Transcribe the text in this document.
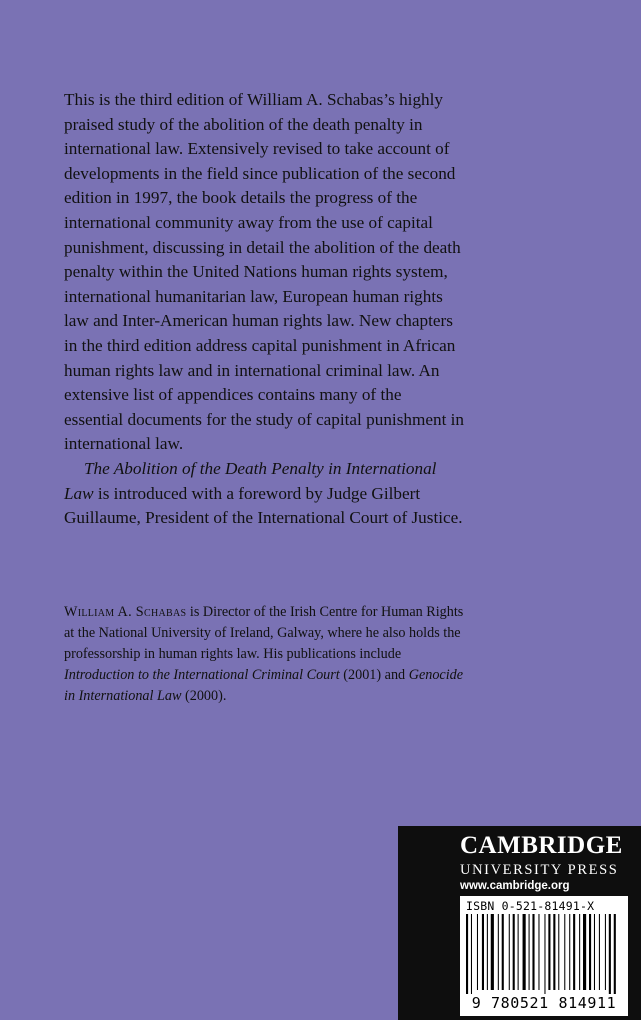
This is the third edition of William A. Schabas’s highly praised study of the abolition of the death penalty in international law. Extensively revised to take account of developments in the field since publication of the second edition in 1997, the book details the progress of the international community away from the use of capital punishment, discussing in detail the abolition of the death penalty within the United Nations human rights system, international humanitarian law, European human rights law and Inter-American human rights law. New chapters in the third edition address capital punishment in African human rights law and in international criminal law. An extensive list of appendices contains many of the essential documents for the study of capital punishment in international law.

The Abolition of the Death Penalty in International Law is introduced with a foreword by Judge Gilbert Guillaume, President of the International Court of Justice.

William A. Schabas is Director of the Irish Centre for Human Rights at the National University of Ireland, Galway, where he also holds the professorship in human rights law. His publications include Introduction to the International Criminal Court (2001) and Genocide in International Law (2000).

CAMBRIDGE
UNIVERSITY PRESS
www.cambridge.org
ISBN 0-521-81491-X
9 780521 814911
